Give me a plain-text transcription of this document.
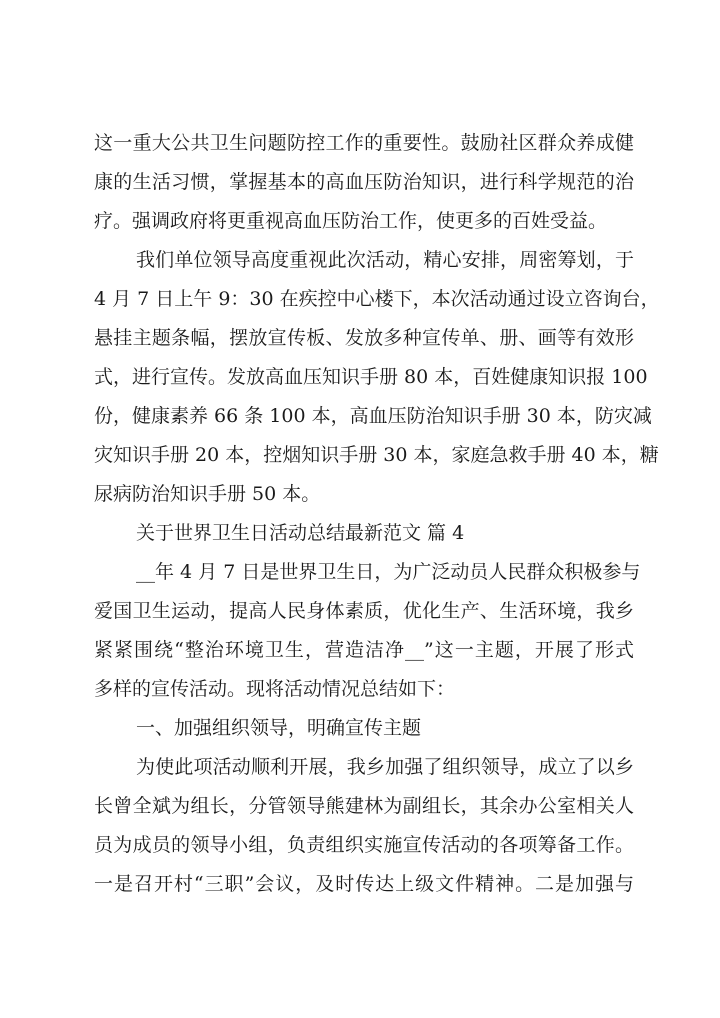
这一重大公共卫生问题防控工作的重要性。鼓励社区群众养成健
康的生活习惯，掌握基本的高血压防治知识，进行科学规范的治
疗。强调政府将更重视高血压防治工作，使更多的百姓受益。
我们单位领导高度重视此次活动，精心安排，周密筹划，于
4 月 7 日上午 9：30 在疾控中心楼下，本次活动通过设立咨询台，
悬挂主题条幅，摆放宣传板、发放多种宣传单、册、画等有效形
式，进行宣传。发放高血压知识手册 80 本，百姓健康知识报 100
份，健康素养 66 条 100 本，高血压防治知识手册 30 本，防灾减
灾知识手册 20 本，控烟知识手册 30 本，家庭急救手册 40 本，糖
尿病防治知识手册 50 本。
关于世界卫生日活动总结最新范文 篇 4
__年 4 月 7 日是世界卫生日，为广泛动员人民群众积极参与
爱国卫生运动，提高人民身体素质，优化生产、生活环境，我乡
紧紧围绕“整治环境卫生，营造洁净__”这一主题，开展了形式
多样的宣传活动。现将活动情况总结如下：
一、加强组织领导，明确宣传主题
为使此项活动顺利开展，我乡加强了组织领导，成立了以乡
长曾全斌为组长，分管领导熊建林为副组长，其余办公室相关人
员为成员的领导小组，负责组织实施宣传活动的各项筹备工作。
一是召开村“三职”会议，及时传达上级文件精神。二是加强与
